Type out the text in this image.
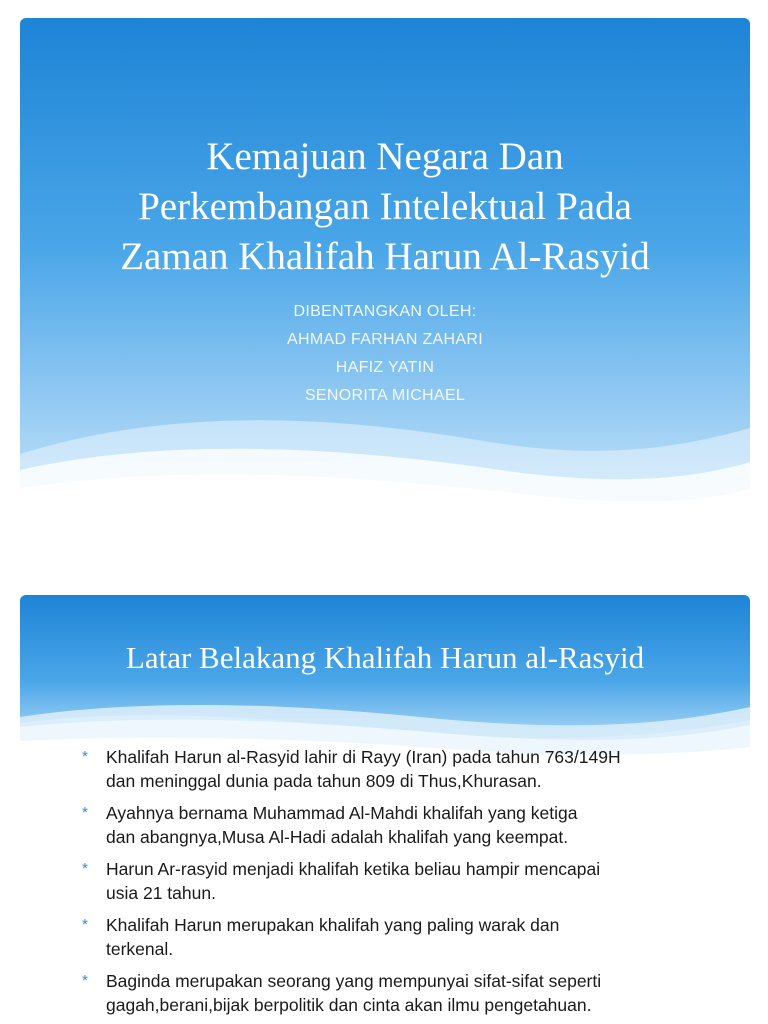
Kemajuan Negara Dan
Perkembangan Intelektual Pada
Zaman Khalifah Harun Al-Rasyid
DIBENTANGKAN OLEH:
AHMAD FARHAN ZAHARI
HAFIZ YATIN
SENORITA MICHAEL
Latar Belakang Khalifah Harun al-Rasyid
* Khalifah Harun al-Rasyid lahir di Rayy (Iran) pada tahun 763/149H
dan meninggal dunia pada tahun 809 di Thus,Khurasan.
* Ayahnya bernama Muhammad Al-Mahdi khalifah yang ketiga
dan abangnya,Musa Al-Hadi adalah khalifah yang keempat.
* Harun Ar-rasyid menjadi khalifah ketika beliau hampir mencapai
usia 21 tahun.
* Khalifah Harun merupakan khalifah yang paling warak dan
terkenal.
* Baginda merupakan seorang yang mempunyai sifat-sifat seperti
gagah,berani,bijak berpolitik dan cinta akan ilmu pengetahuan.
